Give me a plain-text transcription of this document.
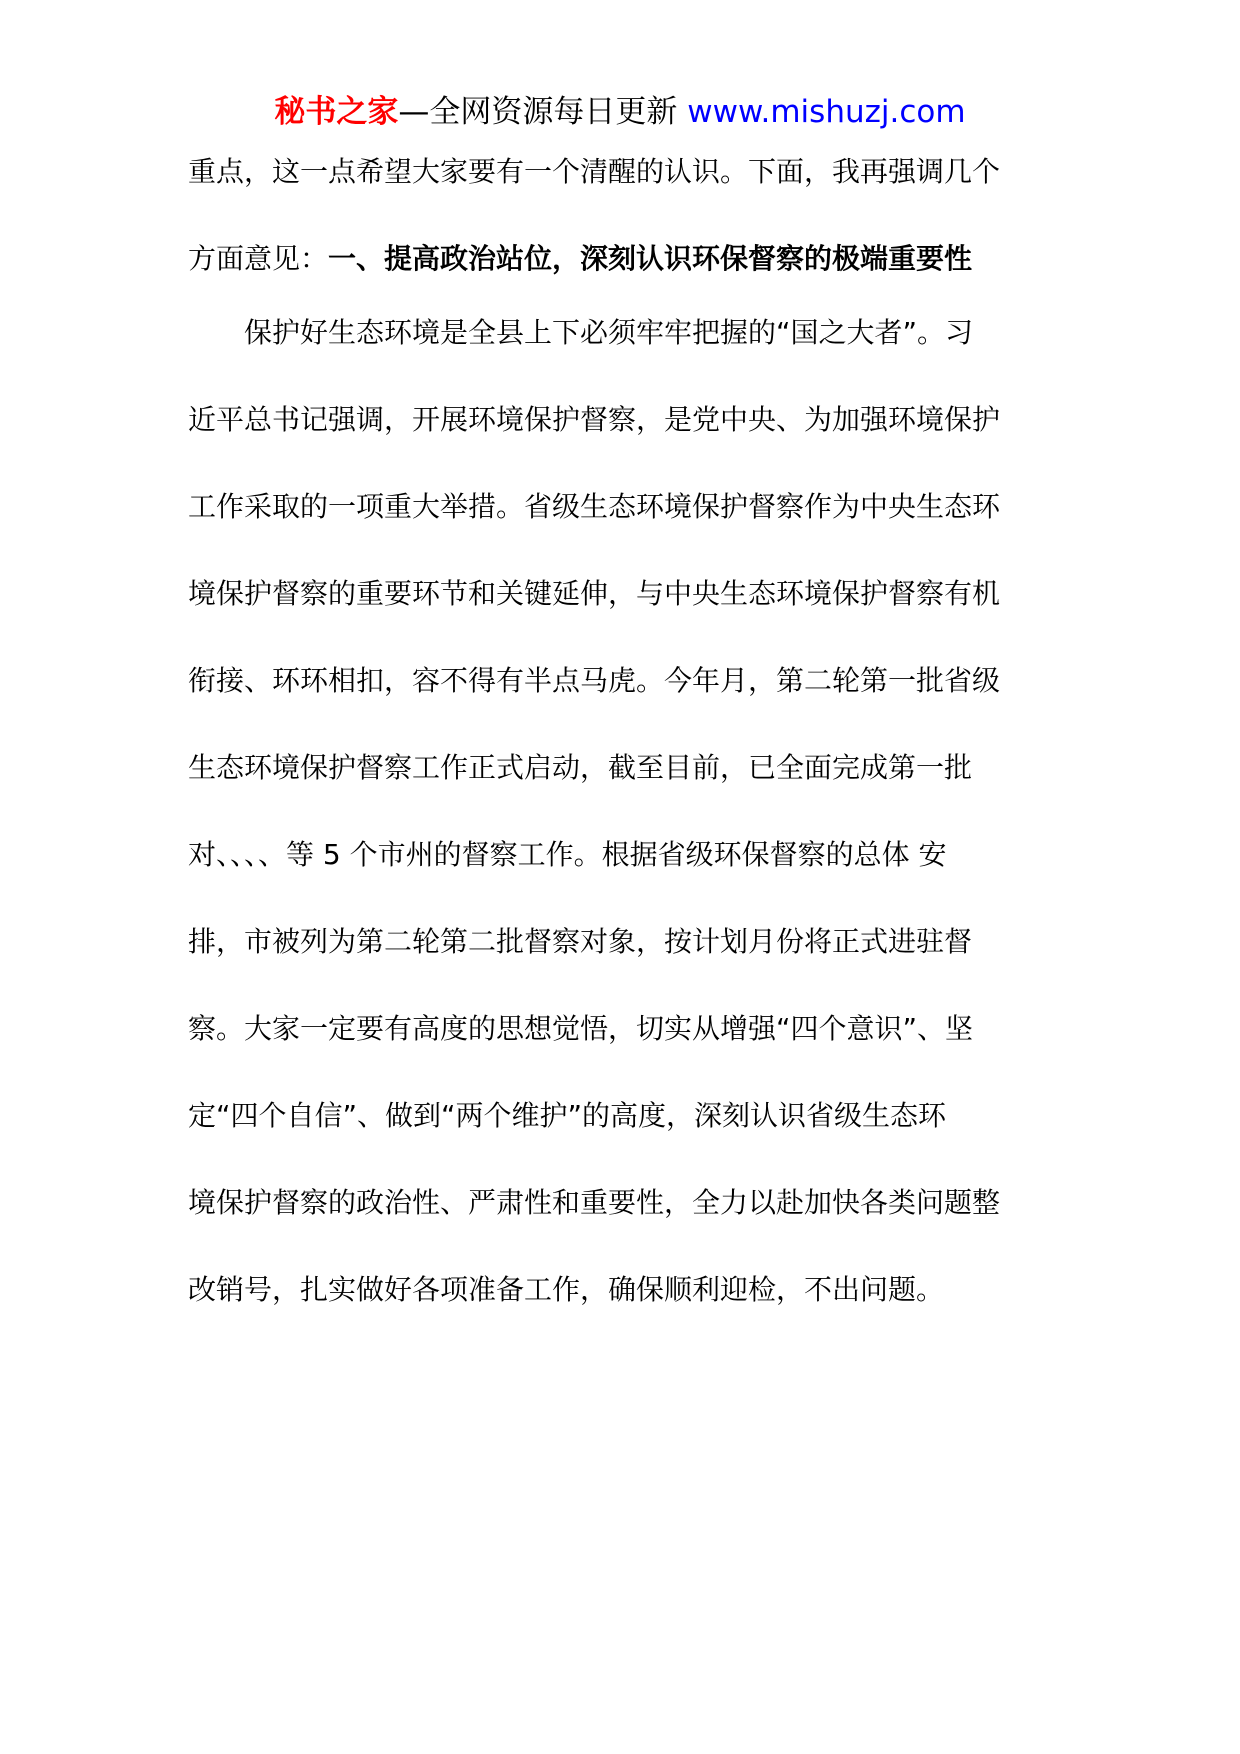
秘书之家—全网资源每日更新 www.mishuzj.com
重点，这一点希望大家要有一个清醒的认识。下面，我再强调几个
方面意见：一、提高政治站位，深刻认识环保督察的极端重要性
保护好生态环境是全县上下必须牢牢把握的“国之大者”。习
近平总书记强调，开展环境保护督察，是党中央、为加强环境保护
工作采取的一项重大举措。省级生态环境保护督察作为中央生态环
境保护督察的重要环节和关键延伸，与中央生态环境保护督察有机
衔接、环环相扣，容不得有半点马虎。今年月，第二轮第一批省级
生态环境保护督察工作正式启动，截至目前，已全面完成第一批
对、、、、等 5 个市州的督察工作。根据省级环保督察的总体 安
排，市被列为第二轮第二批督察对象，按计划月份将正式进驻督
察。大家一定要有高度的思想觉悟，切实从增强“四个意识”、坚
定“四个自信”、做到“两个维护”的高度，深刻认识省级生态环
境保护督察的政治性、严肃性和重要性，全力以赴加快各类问题整
改销号，扎实做好各项准备工作，确保顺利迎检，不出问题。
